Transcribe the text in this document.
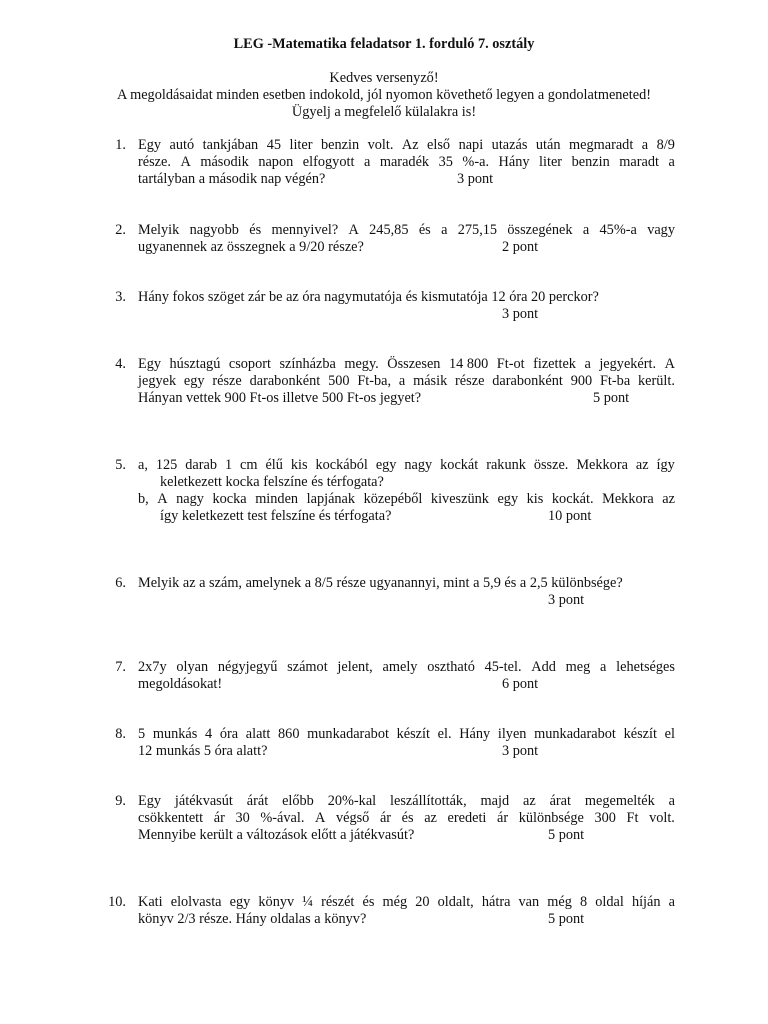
LEG -Matematika feladatsor 1. forduló 7. osztály
Kedves versenyző!
A megoldásaidat minden esetben indokold, jól nyomon követhető legyen a gondolatmeneted!
Ügyelj a megfelelő külalakra is!
1. Egy autó tankjában 45 liter benzin volt. Az első napi utazás után megmaradt a 8/9
része. A második napon elfogyott a maradék 35 %-a. Hány liter benzin maradt a
tartályban a második nap végén?	3 pont
2. Melyik nagyobb és mennyivel? A 245,85 és a 275,15 összegének a 45%-a vagy
ugyanennek az összegnek a 9/20 része?	2 pont
3. Hány fokos szöget zár be az óra nagymutatója és kismutatója 12 óra 20 perckor?
3 pont
4. Egy húsztagú csoport színházba megy. Összesen 14 800 Ft-ot fizettek a jegyekért. A
jegyek egy része darabonként 500 Ft-ba, a másik része darabonként 900 Ft-ba került.
Hányan vettek 900 Ft-os illetve 500 Ft-os jegyet?	5 pont
5. a, 125 darab 1 cm élű kis kockából egy nagy kockát rakunk össze. Mekkora az így
keletkezett kocka felszíne és térfogata?
b, A nagy kocka minden lapjának közepéből kiveszünk egy kis kockát. Mekkora az
így keletkezett test felszíne és térfogata?	10 pont
6. Melyik az a szám, amelynek a 8/5 része ugyanannyi, mint a 5,9 és a 2,5 különbsége?
3 pont
7. 2x7y olyan négyjegyű számot jelent, amely osztható 45-tel. Add meg a lehetséges
megoldásokat!	6 pont
8. 5 munkás 4 óra alatt 860 munkadarabot készít el. Hány ilyen munkadarabot készít el
12 munkás 5 óra alatt?	3 pont
9. Egy játékvasút árát előbb 20%-kal leszállították, majd az árat megemelték a
csökkentett ár 30 %-ával. A végső ár és az eredeti ár különbsége 300 Ft volt.
Mennyibe került a változások előtt a játékvasút?	5 pont
10. Kati elolvasta egy könyv ¼ részét és még 20 oldalt, hátra van még 8 oldal híján a
könyv 2/3 része. Hány oldalas a könyv?	5 pont
